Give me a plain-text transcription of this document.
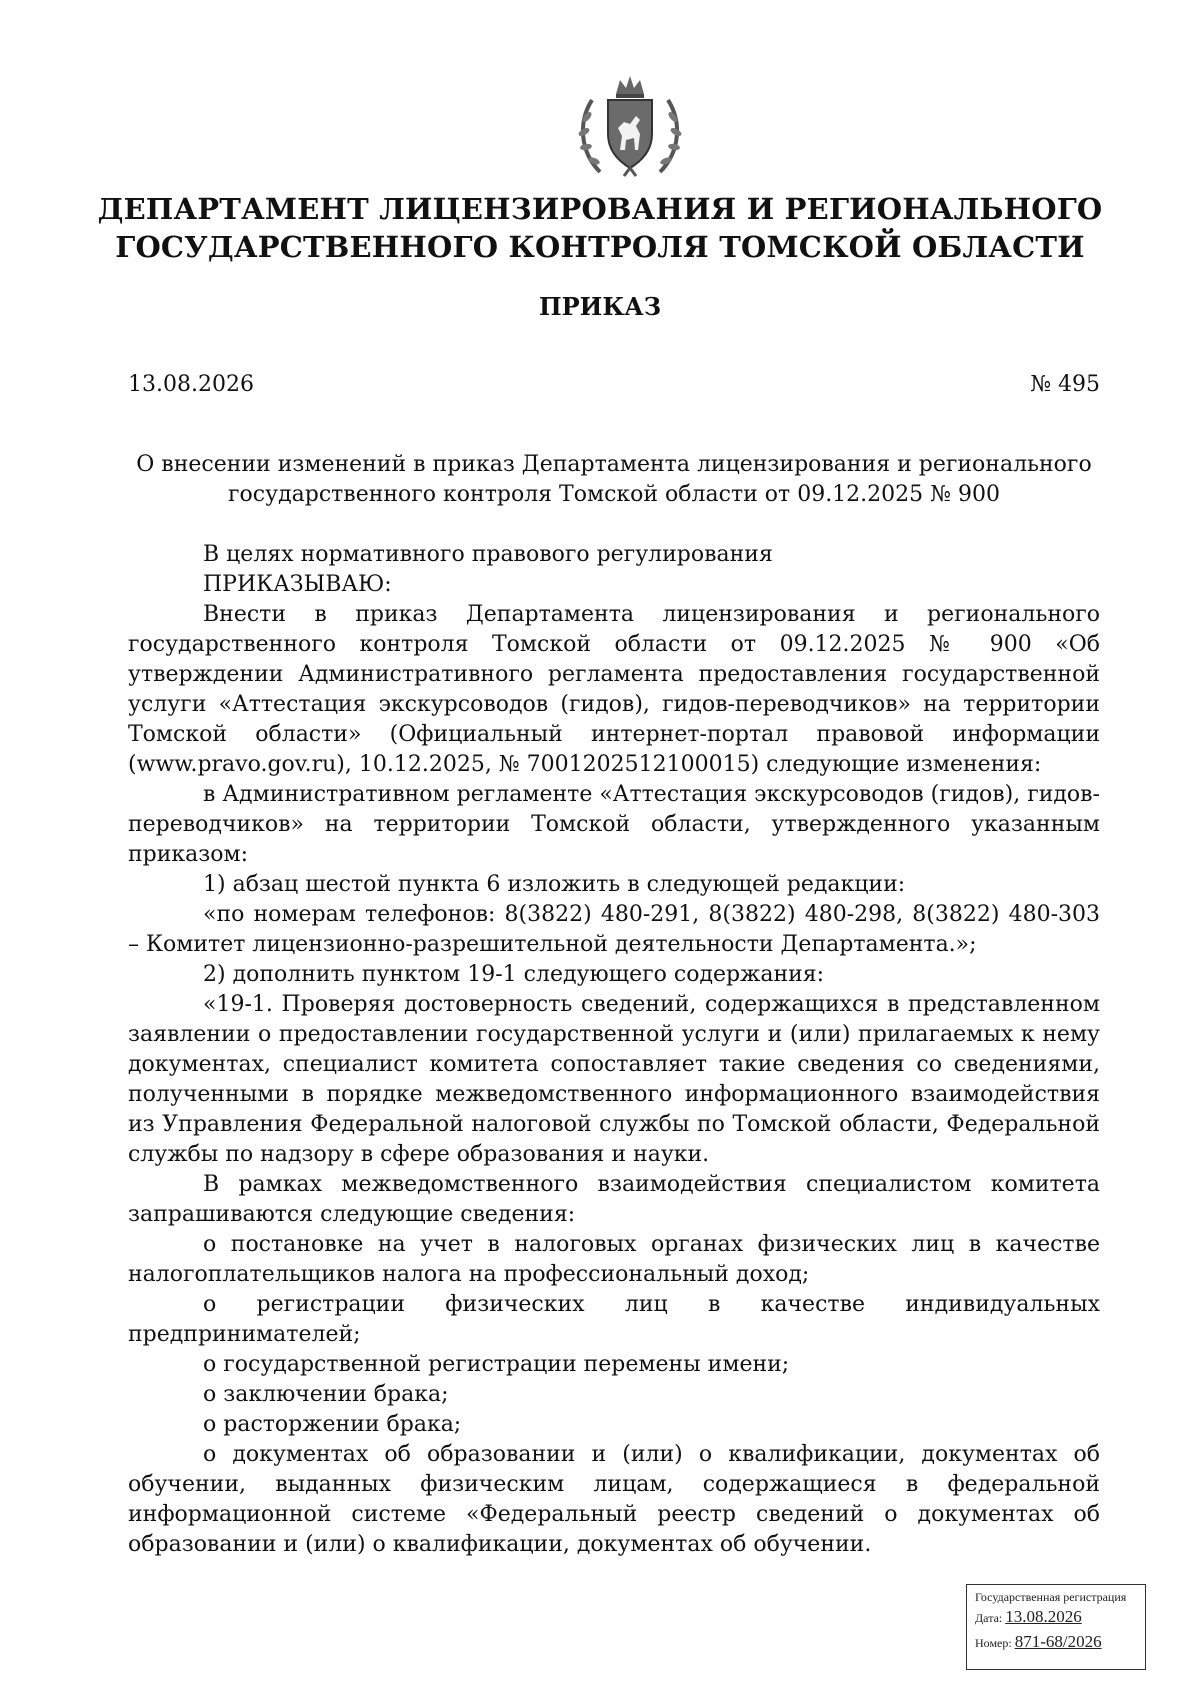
ДЕПАРТАМЕНТ ЛИЦЕНЗИРОВАНИЯ И РЕГИОНАЛЬНОГО
ГОСУДАРСТВЕННОГО КОНТРОЛЯ ТОМСКОЙ ОБЛАСТИ
ПРИКАЗ
13.08.2026	№ 495
О внесении изменений в приказ Департамента лицензирования и регионального государственного контроля Томской области от 09.12.2025 № 900

В целях нормативного правового регулирования

ПРИКАЗЫВАЮ:

Внести в приказ Департамента лицензирования и регионального государственного контроля Томской области от 09.12.2025 № 900 «Об утверждении Административного регламента предоставления государственной услуги «Аттестация экскурсоводов (гидов), гидов-переводчиков» на территории Томской области» (Официальный интернет-портал правовой информации (www.pravo.gov.ru), 10.12.2025, № 7001202512100015) следующие изменения:

в Административном регламенте «Аттестация экскурсоводов (гидов), гидов-переводчиков» на территории Томской области, утвержденного указанным приказом:

1) абзац шестой пункта 6 изложить в следующей редакции:

«по номерам телефонов: 8(3822) 480-291, 8(3822) 480-298, 8(3822) 480-303 – Комитет лицензионно-разрешительной деятельности Департамента.»;

2) дополнить пунктом 19-1 следующего содержания:

«19-1. Проверяя достоверность сведений, содержащихся в представленном заявлении о предоставлении государственной услуги и (или) прилагаемых к нему документах, специалист комитета сопоставляет такие сведения со сведениями, полученными в порядке межведомственного информационного взаимодействия из Управления Федеральной налоговой службы по Томской области, Федеральной службы по надзору в сфере образования и науки.

В рамках межведомственного взаимодействия специалистом комитета запрашиваются следующие сведения:

о постановке на учет в налоговых органах физических лиц в качестве налогоплательщиков налога на профессиональный доход;

о регистрации физических лиц в качестве индивидуальных предпринимателей;

о государственной регистрации перемены имени;

о заключении брака;

о расторжении брака;

о документах об образовании и (или) о квалификации, документах об обучении, выданных физическим лицам, содержащиеся в федеральной информационной системе «Федеральный реестр сведений о документах об образовании и (или) о квалификации, документах об обучении.

Государственная регистрация
Дата: 13.08.2026
Номер: 871-68/2026
